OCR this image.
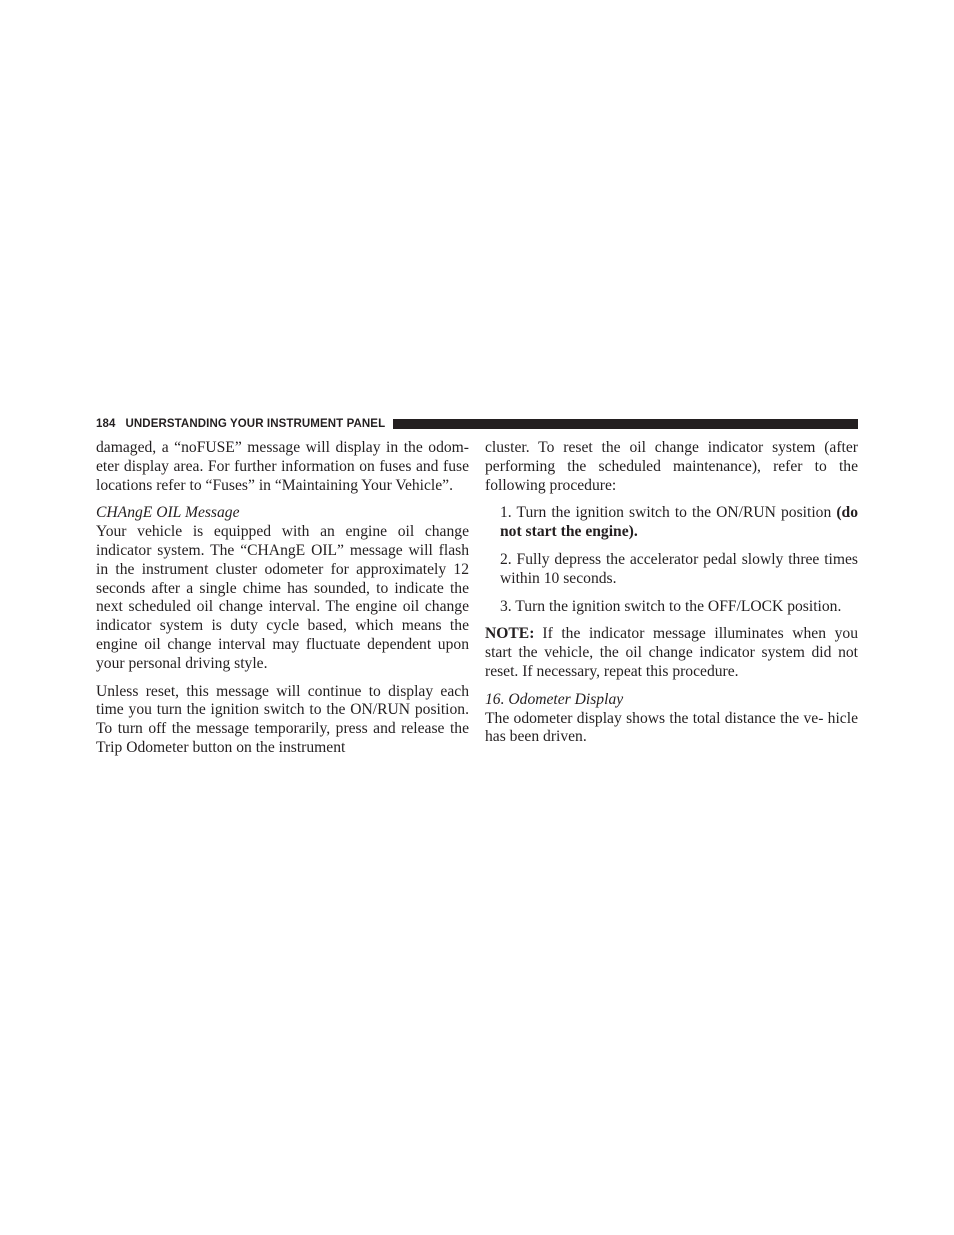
184 UNDERSTANDING YOUR INSTRUMENT PANEL

damaged, a “noFUSE” message will display in the odom- eter display area. For further information on fuses and fuse locations refer to “Fuses” in “Maintaining Your Vehicle”.

CHAngE OIL Message

Your vehicle is equipped with an engine oil change indicator system. The “CHAngE OIL” message will flash in the instrument cluster odometer for approximately 12 seconds after a single chime has sounded, to indicate the next scheduled oil change interval. The engine oil change indicator system is duty cycle based, which means the engine oil change interval may fluctuate dependent upon your personal driving style.

Unless reset, this message will continue to display each time you turn the ignition switch to the ON/RUN position. To turn off the message temporarily, press and release the Trip Odometer button on the instrument

cluster. To reset the oil change indicator system (after performing the scheduled maintenance), refer to the following procedure:

1. Turn the ignition switch to the ON/RUN position (do not start the engine).
2. Fully depress the accelerator pedal slowly three times within 10 seconds.
3. Turn the ignition switch to the OFF/LOCK position.

NOTE: If the indicator message illuminates when you start the vehicle, the oil change indicator system did not reset. If necessary, repeat this procedure.

16. Odometer Display

The odometer display shows the total distance the ve- hicle has been driven.
